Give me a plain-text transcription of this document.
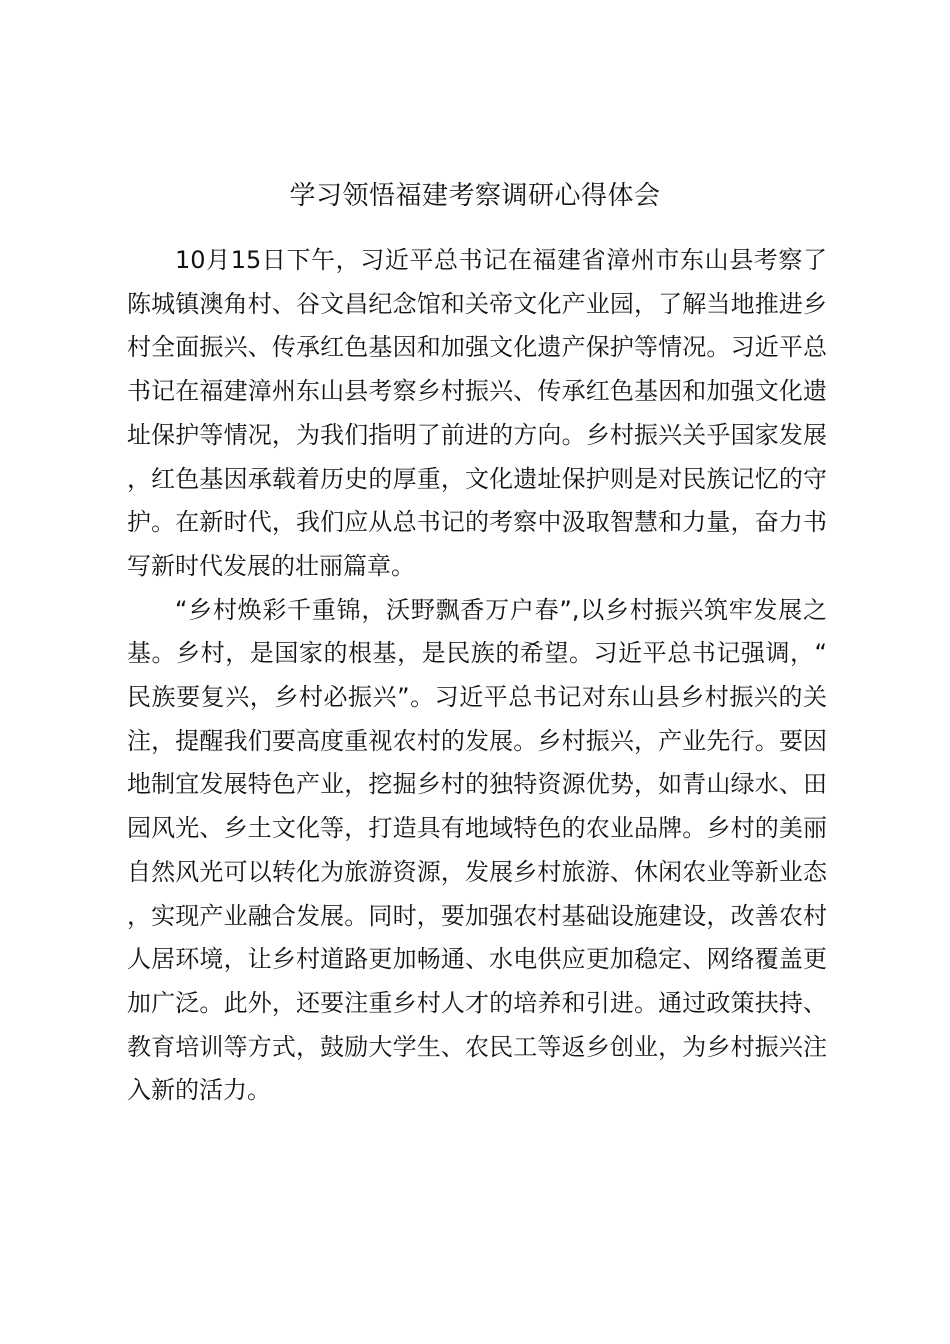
学习领悟福建考察调研心得体会

10月15日下午，习近平总书记在福建省漳州市东山县考察了陈城镇澳角村、谷文昌纪念馆和关帝文化产业园，了解当地推进乡村全面振兴、传承红色基因和加强文化遗产保护等情况。习近平总书记在福建漳州东山县考察乡村振兴、传承红色基因和加强文化遗址保护等情况，为我们指明了前进的方向。乡村振兴关乎国家发展，红色基因承载着历史的厚重，文化遗址保护则是对民族记忆的守护。在新时代，我们应从总书记的考察中汲取智慧和力量，奋力书写新时代发展的壮丽篇章。

“乡村焕彩千重锦，沃野飘香万户春”,以乡村振兴筑牢发展之基。乡村，是国家的根基，是民族的希望。习近平总书记强调，“民族要复兴，乡村必振兴”。习近平总书记对东山县乡村振兴的关注，提醒我们要高度重视农村的发展。乡村振兴，产业先行。要因地制宜发展特色产业，挖掘乡村的独特资源优势，如青山绿水、田园风光、乡土文化等，打造具有地域特色的农业品牌。乡村的美丽自然风光可以转化为旅游资源，发展乡村旅游、休闲农业等新业态，实现产业融合发展。同时，要加强农村基础设施建设，改善农村人居环境，让乡村道路更加畅通、水电供应更加稳定、网络覆盖更加广泛。此外，还要注重乡村人才的培养和引进。通过政策扶持、教育培训等方式，鼓励大学生、农民工等返乡创业，为乡村振兴注入新的活力。
